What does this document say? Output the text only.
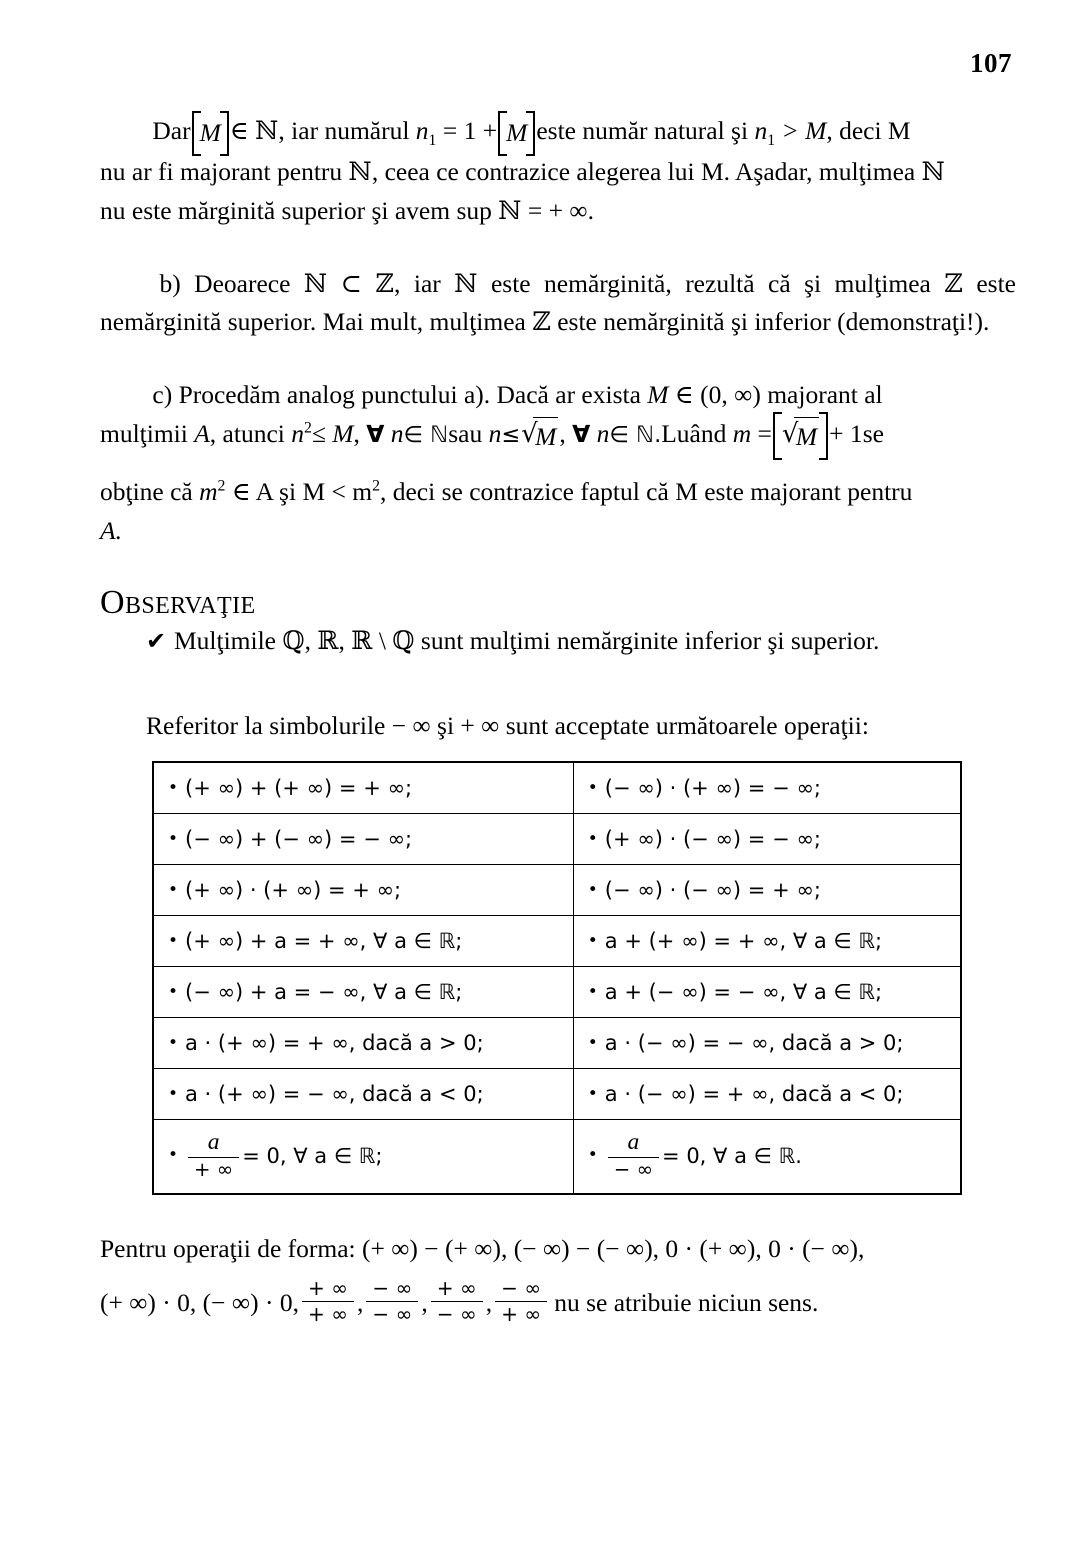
107
Dar M ∈ ℕ, iar numărul $n_1 = 1 + M$ este număr natural şi $n_1 > M$, deci M
nu ar fi majorant pentru ℕ, ceea ce contrazice alegerea lui M. Aşadar, mulţimea ℕ
nu este mărginită superior şi avem sup ℕ = + ∞.
b) Deoarece ℕ ⊂ ℤ, iar ℕ este nemărginită, rezultă că şi mulţimea ℤ este nemărginită superior. Mai mult, mulţimea ℤ este nemărginită şi inferior (demonstraţi!).
c) Procedăm analog punctului a). Dacă ar exista M ∈ (0, ∞) majorant al
mulţimii A, atunci $n^2\le M$, ∀ n∈ ℕsau n≤ √ M , ∀ n∈ ℕ.Luând m = √ M + 1se
obţine că $m^2$ ∈ A şi $M < m^2$, deci se contrazice faptul că M este majorant pentru
A.
OBSERVAŢIE
✔ Mulţimile ℚ, ℝ, ℝ \ ℚ sunt mulţimi nemărginite inferior şi superior.
Referitor la simbolurile − ∞ şi + ∞ sunt acceptate următoarele operaţii:
• (+ ∞) + (+ ∞) = + ∞;	• (− ∞) · (+ ∞) = − ∞;
• (− ∞) + (− ∞) = − ∞;	• (+ ∞) · (− ∞) = − ∞;
• (+ ∞) · (+ ∞) = + ∞;	• (− ∞) · (− ∞) = + ∞;
• (+ ∞) + a = + ∞, ∀ a ∈ ℝ;	• a + (+ ∞) = + ∞, ∀ a ∈ ℝ;
• (− ∞) + a = − ∞, ∀ a ∈ ℝ;	• a + (− ∞) = − ∞, ∀ a ∈ ℝ;
• a · (+ ∞) = + ∞, dacă a > 0;	• a · (− ∞) = − ∞, dacă a > 0;
• a · (+ ∞) = − ∞, dacă a < 0;	• a · (− ∞) = + ∞, dacă a < 0;
• $\frac{a}{+ \infty} = 0$, ∀ a ∈ ℝ;	• $\frac{a}{- \infty} = 0$, ∀ a ∈ ℝ.
Pentru operaţii de forma: (+ ∞) − (+ ∞), (− ∞) − (− ∞), 0 · (+ ∞), 0 · (− ∞),
(+ ∞) · 0, (− ∞) · 0, $\frac{+ \infty}{+ \infty}$ , $\frac{- \infty}{- \infty}$ , $\frac{+ \infty}{- \infty}$ , $\frac{- \infty}{+ \infty}$ nu se atribuie niciun sens.
